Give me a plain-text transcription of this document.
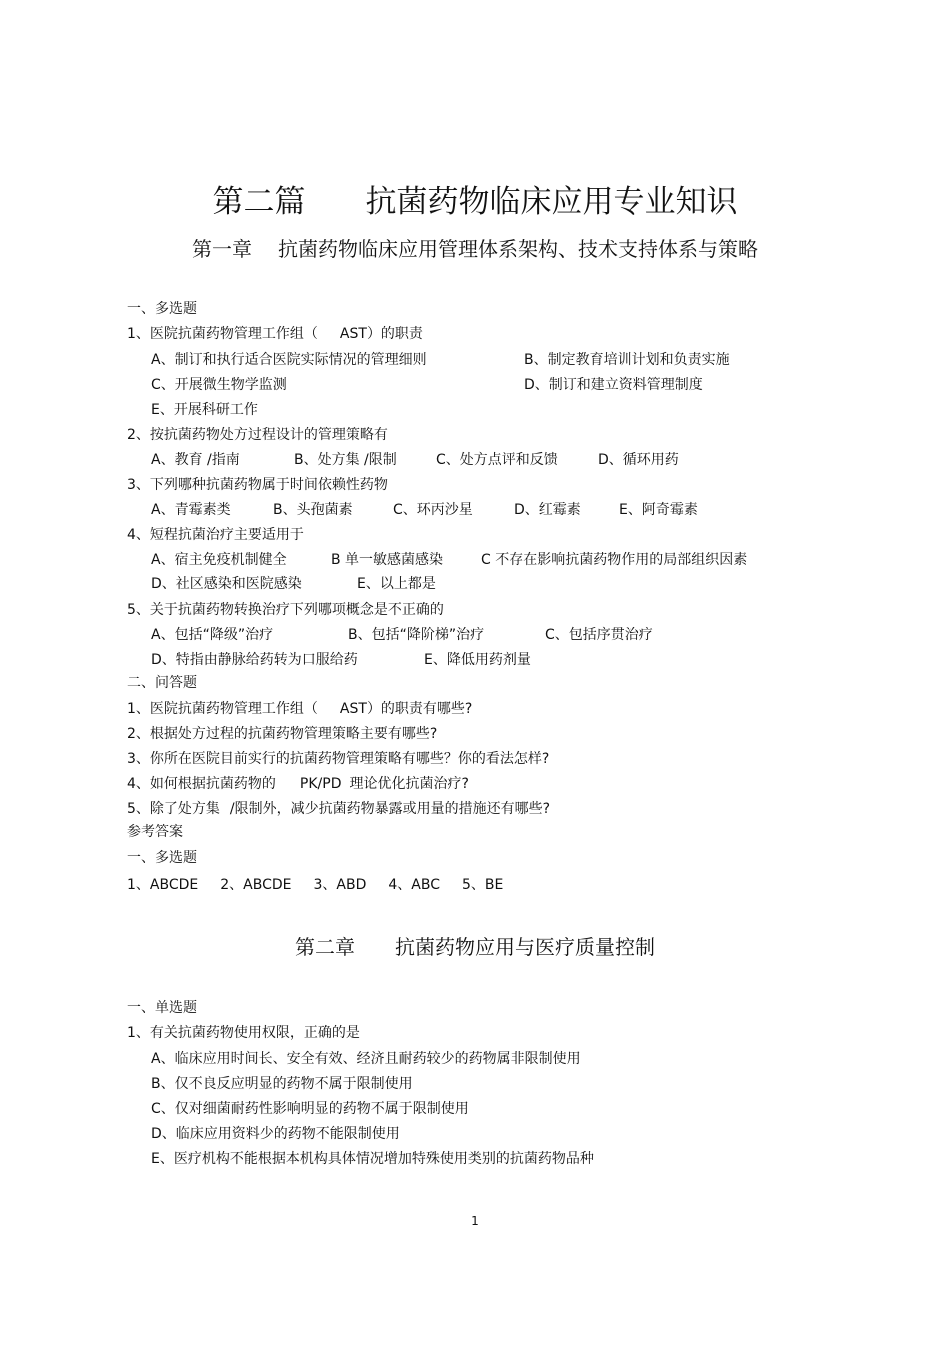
第二篇 抗菌药物临床应用专业知识
第一章 抗菌药物临床应用管理体系架构、技术支持体系与策略
一、多选题
1、医院抗菌药物管理工作组（ AST）的职责
A、制订和执行适合医院实际情况的管理细则	B、制定教育培训计划和负责实施
C、开展微生物学监测	D、制订和建立资料管理制度
E、开展科研工作
2、按抗菌药物处方过程设计的管理策略有
A、教育 /指南	B、处方集 /限制	C、处方点评和反馈	D、循环用药
3、下列哪种抗菌药物属于时间依赖性药物
A、青霉素类	B、头孢菌素	C、环丙沙星	D、红霉素	E、阿奇霉素
4、短程抗菌治疗主要适用于
A、宿主免疫机制健全	B 单一敏感菌感染	C 不存在影响抗菌药物作用的局部组织因素
D、社区感染和医院感染	E、以上都是
5、关于抗菌药物转换治疗下列哪项概念是不正确的
A、包括“降级”治疗	B、包括“降阶梯”治疗	C、包括序贯治疗
D、特指由静脉给药转为口服给药	E、降低用药剂量
二、问答题
1、医院抗菌药物管理工作组（ AST）的职责有哪些?
2、根据处方过程的抗菌药物管理策略主要有哪些?
3、你所在医院目前实行的抗菌药物管理策略有哪些？你的看法怎样?
4、如何根据抗菌药物的 PK/PD 理论优化抗菌治疗?
5、除了处方集 /限制外，减少抗菌药物暴露或用量的措施还有哪些?
参考答案
一、多选题
1、ABCDE 2、ABCDE 3、ABD 4、ABC 5、BE
第二章 抗菌药物应用与医疗质量控制
一、单选题
1、有关抗菌药物使用权限，正确的是
A、临床应用时间长、安全有效、经济且耐药较少的药物属非限制使用
B、仅不良反应明显的药物不属于限制使用
C、仅对细菌耐药性影响明显的药物不属于限制使用
D、临床应用资料少的药物不能限制使用
E、医疗机构不能根据本机构具体情况增加特殊使用类别的抗菌药物品种
1
